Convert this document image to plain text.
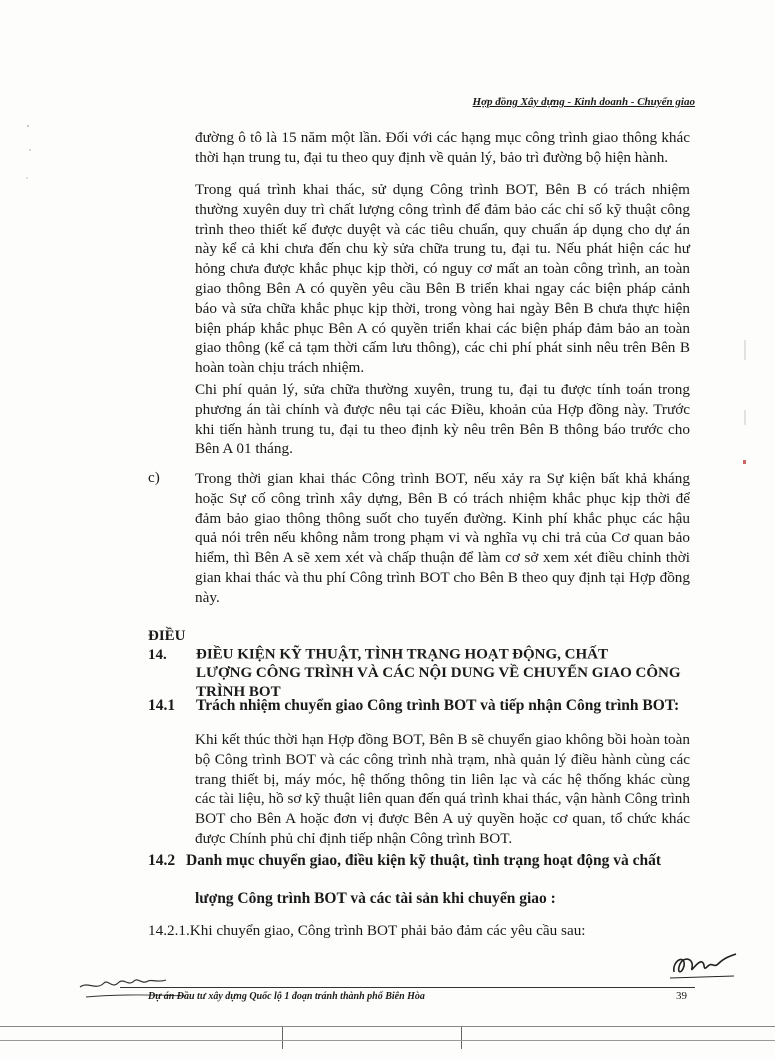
Hợp đồng Xây dựng - Kinh doanh - Chuyển giao

đường ô tô là 15 năm một lần. Đối với các hạng mục công trình giao thông khác thời hạn trung tu, đại tu theo quy định về quản lý, bảo trì đường bộ hiện hành.

Trong quá trình khai thác, sử dụng Công trình BOT, Bên B có trách nhiệm thường xuyên duy trì chất lượng công trình để đảm bảo các chỉ số kỹ thuật công trình theo thiết kế được duyệt và các tiêu chuẩn, quy chuẩn áp dụng cho dự án này kể cả khi chưa đến chu kỳ sửa chữa trung tu, đại tu. Nếu phát hiện các hư hỏng chưa được khắc phục kịp thời, có nguy cơ mất an toàn công trình, an toàn giao thông Bên A có quyền yêu cầu Bên B triển khai ngay các biện pháp cảnh báo và sửa chữa khắc phục kịp thời, trong vòng hai ngày Bên B chưa thực hiện biện pháp khắc phục Bên A có quyền triển khai các biện pháp đảm bảo an toàn giao thông (kể cả tạm thời cấm lưu thông), các chi phí phát sinh nêu trên Bên B hoàn toàn chịu trách nhiệm.

Chi phí quản lý, sửa chữa thường xuyên, trung tu, đại tu được tính toán trong phương án tài chính và được nêu tại các Điều, khoản của Hợp đồng này. Trước khi tiến hành trung tu, đại tu theo định kỳ nêu trên Bên B thông báo trước cho Bên A 01 tháng.

c) Trong thời gian khai thác Công trình BOT, nếu xảy ra Sự kiện bất khả kháng hoặc Sự cố công trình xây dựng, Bên B có trách nhiệm khắc phục kịp thời để đảm bảo giao thông thông suốt cho tuyến đường. Kinh phí khắc phục các hậu quả nói trên nếu không nằm trong phạm vi và nghĩa vụ chi trả của Cơ quan bảo hiểm, thì Bên A sẽ xem xét và chấp thuận để làm cơ sở xem xét điều chỉnh thời gian khai thác và thu phí Công trình BOT cho Bên B theo quy định tại Hợp đồng này.

ĐIỀU 14. ĐIỀU KIỆN KỸ THUẬT, TÌNH TRẠNG HOẠT ĐỘNG, CHẤT
LƯỢNG CÔNG TRÌNH VÀ CÁC NỘI DUNG VỀ CHUYỂN GIAO CÔNG TRÌNH BOT
14.1 Trách nhiệm chuyển giao Công trình BOT và tiếp nhận Công trình BOT:

Khi kết thúc thời hạn Hợp đồng BOT, Bên B sẽ chuyển giao không bồi hoàn toàn bộ Công trình BOT và các công trình nhà trạm, nhà quản lý điều hành cùng các trang thiết bị, máy móc, hệ thống thông tin liên lạc và các hệ thống khác cùng các tài liệu, hồ sơ kỹ thuật liên quan đến quá trình khai thác, vận hành Công trình BOT cho Bên A hoặc đơn vị được Bên A uỷ quyền hoặc cơ quan, tổ chức khác được Chính phủ chỉ định tiếp nhận Công trình BOT.

14.2 Danh mục chuyển giao, điều kiện kỹ thuật, tình trạng hoạt động và chất
lượng Công trình BOT và các tài sản khi chuyển giao :
14.2.1.Khi chuyển giao, Công trình BOT phải bảo đảm các yêu cầu sau:
Dự án Đầu tư xây dựng Quốc lộ 1 đoạn tránh thành phố Biên Hòa	39
